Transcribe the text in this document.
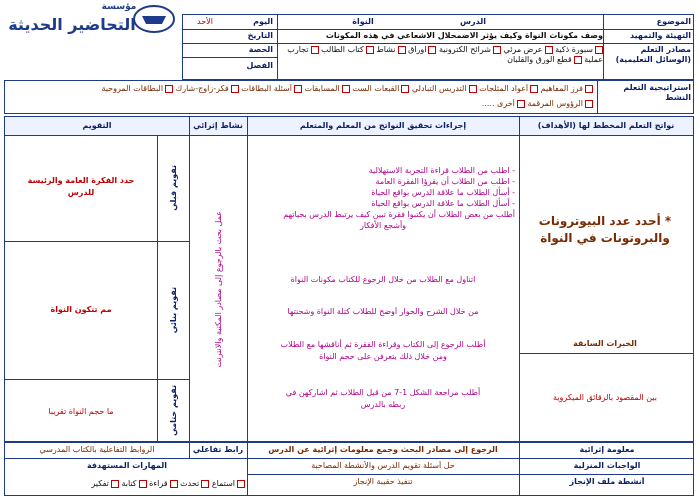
مؤسسة
التحاضير الحديثة	الموضوع
الدرس
النواة
اليوم
الأحد
التهيئة والتمهيد
وصف مكونات النواة وكيف يؤثر الاضمحلال الاشعاعي في هذه المكونات
التاريخ
مصادر التعلم (الوسائل التعليمية)
سبورة ذكية عرض مرئي شرائح الكترونية اوراق نشاط كتاب الطالب تجارب عملية قطع الورق والقلبان
الحصة
الفصل
استراتيجية التعلم النشط
فرز المفاهيم أعواد المثلجات التدريس التبادلي القبعات الست المسابقات أسئلة البطاقات فكر-زاوج-شارك البطاقات المروحية
الرؤوس المرقمة أخرى .....
نواتج التعلم المخطط لها (الأهداف)
إجراءات تحقيق النواتج من المعلم والمتعلم
نشاط إثرائي
التقويم
* أحدد عدد البيوترونات والبروتونات في النواة
الخبرات السابقة
بين المقصود بالرقائق الميكروية
- اطلب من الطلاب قراءة التجربة الاستهلالية
- اطلب من الطلاب أن يقرؤا الفقرة العامة
- أسأل الطلاب ما علاقة الدرس بواقع الحياة
- أسأل الطلاب ما علاقة الدرس بواقع الحياة
أطلب من بعض الطلاب أن يكتبوا فقرة تبين كيف يرتبط الدرس بحياتهم
وأشجع الأفكار
اتناول مع الطلاب من خلال الرجوع للكتاب مكونات النواة
من خلال الشرح والحوار أوضح للطلاب كتلة النواة وشحنتها
أطلب الرجوع إلى الكتاب وقراءة الفقرة ثم أناقشها مع الطلاب
ومن خلال ذلك يتعرفن على حجم النواة
أطلب مراجعة الشكل 1-7 من قبل الطلاب ثم اشاركهن في
ربطه بالدرس
عمل بحث بالرجوع إلى مصادر المكتبة والانترنت
تقويم قبلي
حدد الفكرة العامة والرئيسة للدرس
تقويم بنائي
مم تتكون النواة
تقويم ختامي
ما حجم النواة تقريبا
معلومة إثرائية
الرجوع إلى مصادر البحث وجمع معلومات إثرائية عن الدرس
رابط تفاعلي
الروابط التفاعلية بالكتاب المدرسي
الواجبات المنزلية
حل أسئلة تقويم الدرس والأنشطة المصاحبة
المهارات المستهدفة
أنشطة ملف الإنجاز
تنفيذ حقيبة الإنجاز
استماع تحدث قراءة كتابة تفكير
